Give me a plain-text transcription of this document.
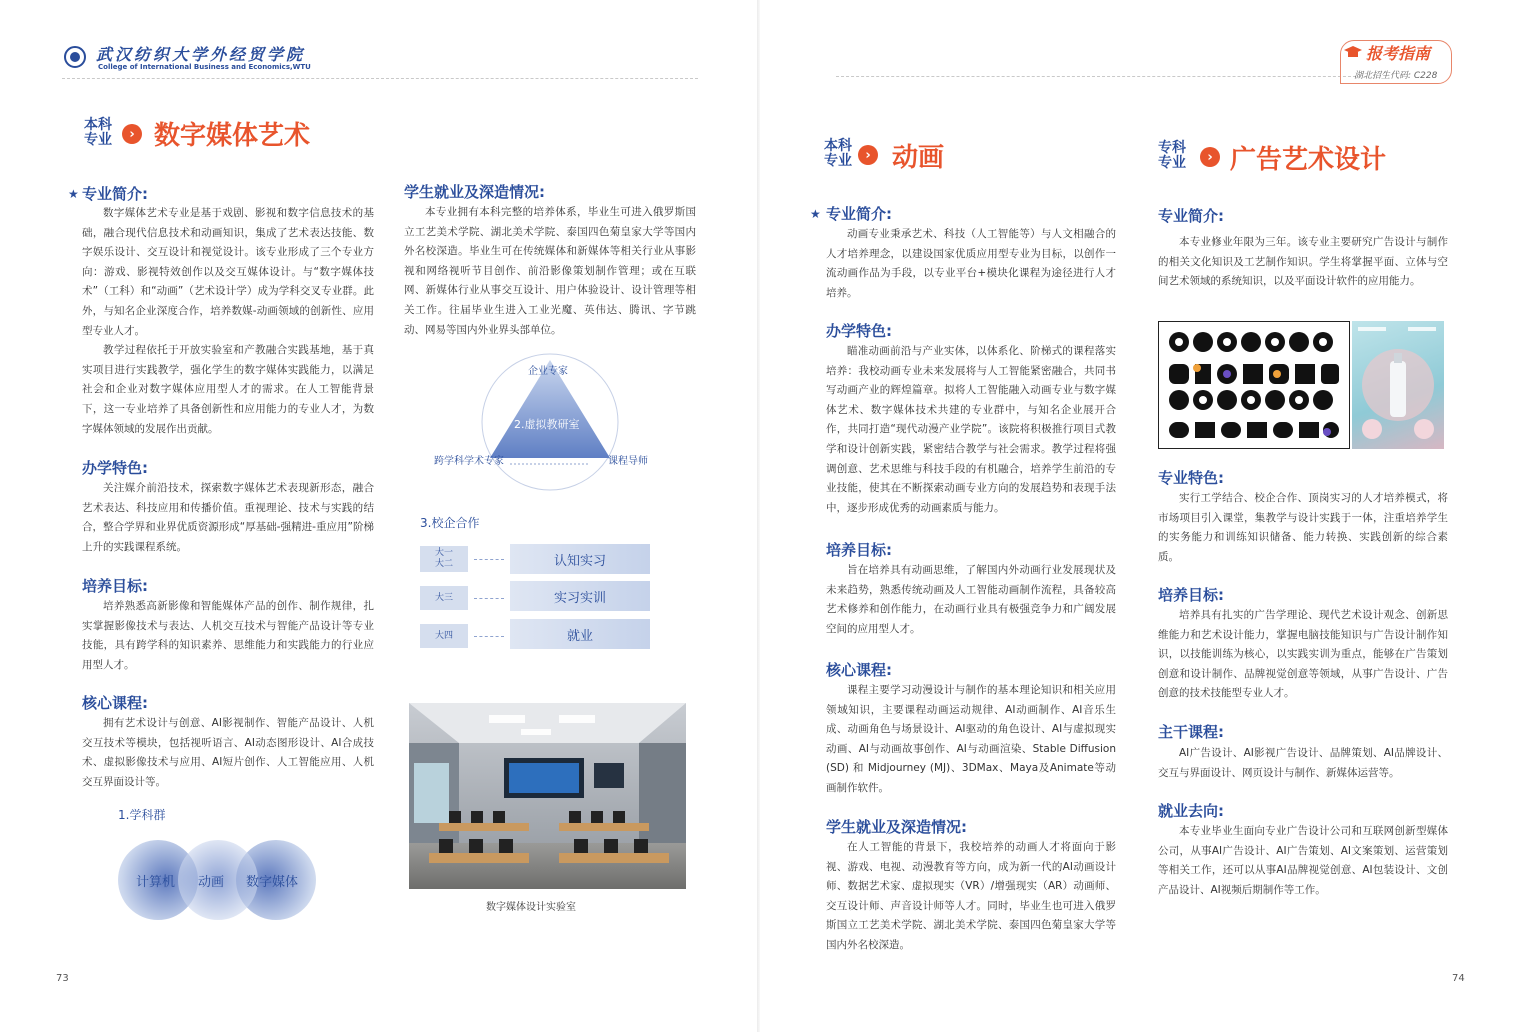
武汉纺织大学外经贸学院
College of International Business and Economics,WTU
本科
专业	› 数字媒体艺术
★ 专业简介:

数字媒体艺术专业是基于戏剧、影视和数字信息技术的基础，融合现代信息技术和动画知识，集成了艺术表达技能、数字娱乐设计、交互设计和视觉设计。该专业形成了三个专业方向：游戏、影视特效创作以及交互媒体设计。与“数字媒体技术”（工科）和“动画”（艺术设计学）成为学科交叉专业群。此外，与知名企业深度合作，培养数媒-动画领域的创新性、应用型专业人才。

教学过程依托于开放实验室和产教融合实践基地，基于真实项目进行实践教学，强化学生的数字媒体实践能力，以满足社会和企业对数字媒体应用型人才的需求。在人工智能背景下，这一专业培养了具备创新性和应用能力的专业人才，为数字媒体领域的发展作出贡献。

办学特色:
关注媒介前沿技术，探索数字媒体艺术表现新形态，融合艺术表达、科技应用和传播价值。重视理论、技术与实践的结合，整合学界和业界优质资源形成“厚基础-强精进-重应用”阶梯上升的实践课程系统。
培养目标:
培养熟悉高新影像和智能媒体产品的创作、制作规律，扎实掌握影像技术与表达、人机交互技术与智能产品设计等专业技能，具有跨学科的知识素养、思维能力和实践能力的行业应用型人才。
核心课程:
拥有艺术设计与创意、AI影视制作、智能产品设计、人机交互技术等模块，包括视听语言、AI动态图形设计、AI合成技术、虚拟影像技术与应用、AI短片创作、人工智能应用、人机交互界面设计等。
1.学科群
计算机 动画 数字媒体
学生就业及深造情况:
本专业拥有本科完整的培养体系，毕业生可进入俄罗斯国立工艺美术学院、湖北美术学院、泰国四色菊皇家大学等国内外名校深造。毕业生可在传统媒体和新媒体等相关行业从事影视和网络视听节目创作、前沿影像策划制作管理；或在互联网、新媒体行业从事交互设计、用户体验设计、设计管理等相关工作。往届毕业生进入工业光魔、英伟达、腾讯、字节跳动、网易等国内外业界头部单位。
企业专家
2.虚拟教研室
跨学科学术专家	课程导师
3.校企合作
大一
大二	认知实习
大三	实习实训
大四	就业
数字媒体设计实验室
73
报考指南
湖北招生代码: C228
本科
专业	› 动画
★ 专业简介:
动画专业秉承艺术、科技（人工智能等）与人文相融合的人才培养理念，以建设国家优质应用型专业为目标，以创作一流动画作品为手段，以专业平台+模块化课程为途径进行人才培养。
办学特色:
瞄准动画前沿与产业实体，以体系化、阶梯式的课程落实培养：我校动画专业未来发展将与人工智能紧密融合，共同书写动画产业的辉煌篇章。拟将人工智能融入动画专业与数字媒体艺术、数字媒体技术共建的专业群中，与知名企业展开合作，共同打造“现代动漫产业学院”。该院将积极推行项目式教学和设计创新实践，紧密结合教学与社会需求。教学过程将强调创意、艺术思维与科技手段的有机融合，培养学生前沿的专业技能，使其在不断探索动画专业方向的发展趋势和表现手法中，逐步形成优秀的动画素质与能力。
培养目标:
旨在培养具有动画思维，了解国内外动画行业发展现状及未来趋势，熟悉传统动画及人工智能动画制作流程，具备较高艺术修养和创作能力，在动画行业具有极强竞争力和广阔发展空间的应用型人才。
核心课程:
课程主要学习动漫设计与制作的基本理论知识和相关应用领域知识，主要课程动画运动规律、AI动画制作、AI音乐生成、动画角色与场景设计、AI驱动的角色设计、AI与虚拟现实动画、AI与动画故事创作、AI与动画渲染、Stable Diffusion (SD) 和 Midjourney (MJ)、3DMax、Maya及Animate等动画制作软件。
学生就业及深造情况:
在人工智能的背景下，我校培养的动画人才将面向于影视、游戏、电视、动漫教育等方向，成为新一代的AI动画设计师、数据艺术家、虚拟现实（VR）/增强现实（AR）动画师、交互设计师、声音设计师等人才。同时，毕业生也可进入俄罗斯国立工艺美术学院、湖北美术学院、泰国四色菊皇家大学等国内外名校深造。
专科
专业	› 广告艺术设计
专业简介:
本专业修业年限为三年。该专业主要研究广告设计与制作的相关文化知识及工艺制作知识。学生将掌握平面、立体与空间艺术领域的系统知识，以及平面设计软件的应用能力。
专业特色:
实行工学结合、校企合作、顶岗实习的人才培养模式，将市场项目引入课堂，集教学与设计实践于一体，注重培养学生的实务能力和训练知识储备、能力转换、实践创新的综合素质。
培养目标:
培养具有扎实的广告学理论、现代艺术设计观念、创新思维能力和艺术设计能力，掌握电脑技能知识与广告设计制作知识，以技能训练为核心，以实践实训为重点，能够在广告策划创意和设计制作、品牌视觉创意等领域，从事广告设计、广告创意的技术技能型专业人才。
主干课程:
AI广告设计、AI影视广告设计、品牌策划、AI品牌设计、交互与界面设计、网页设计与制作、新媒体运营等。
就业去向:
本专业毕业生面向专业广告设计公司和互联网创新型媒体公司，从事AI广告设计、AI广告策划、AI文案策划、运营策划等相关工作，还可以从事AI品牌视觉创意、AI包装设计、文创产品设计、AI视频后期制作等工作。
74
